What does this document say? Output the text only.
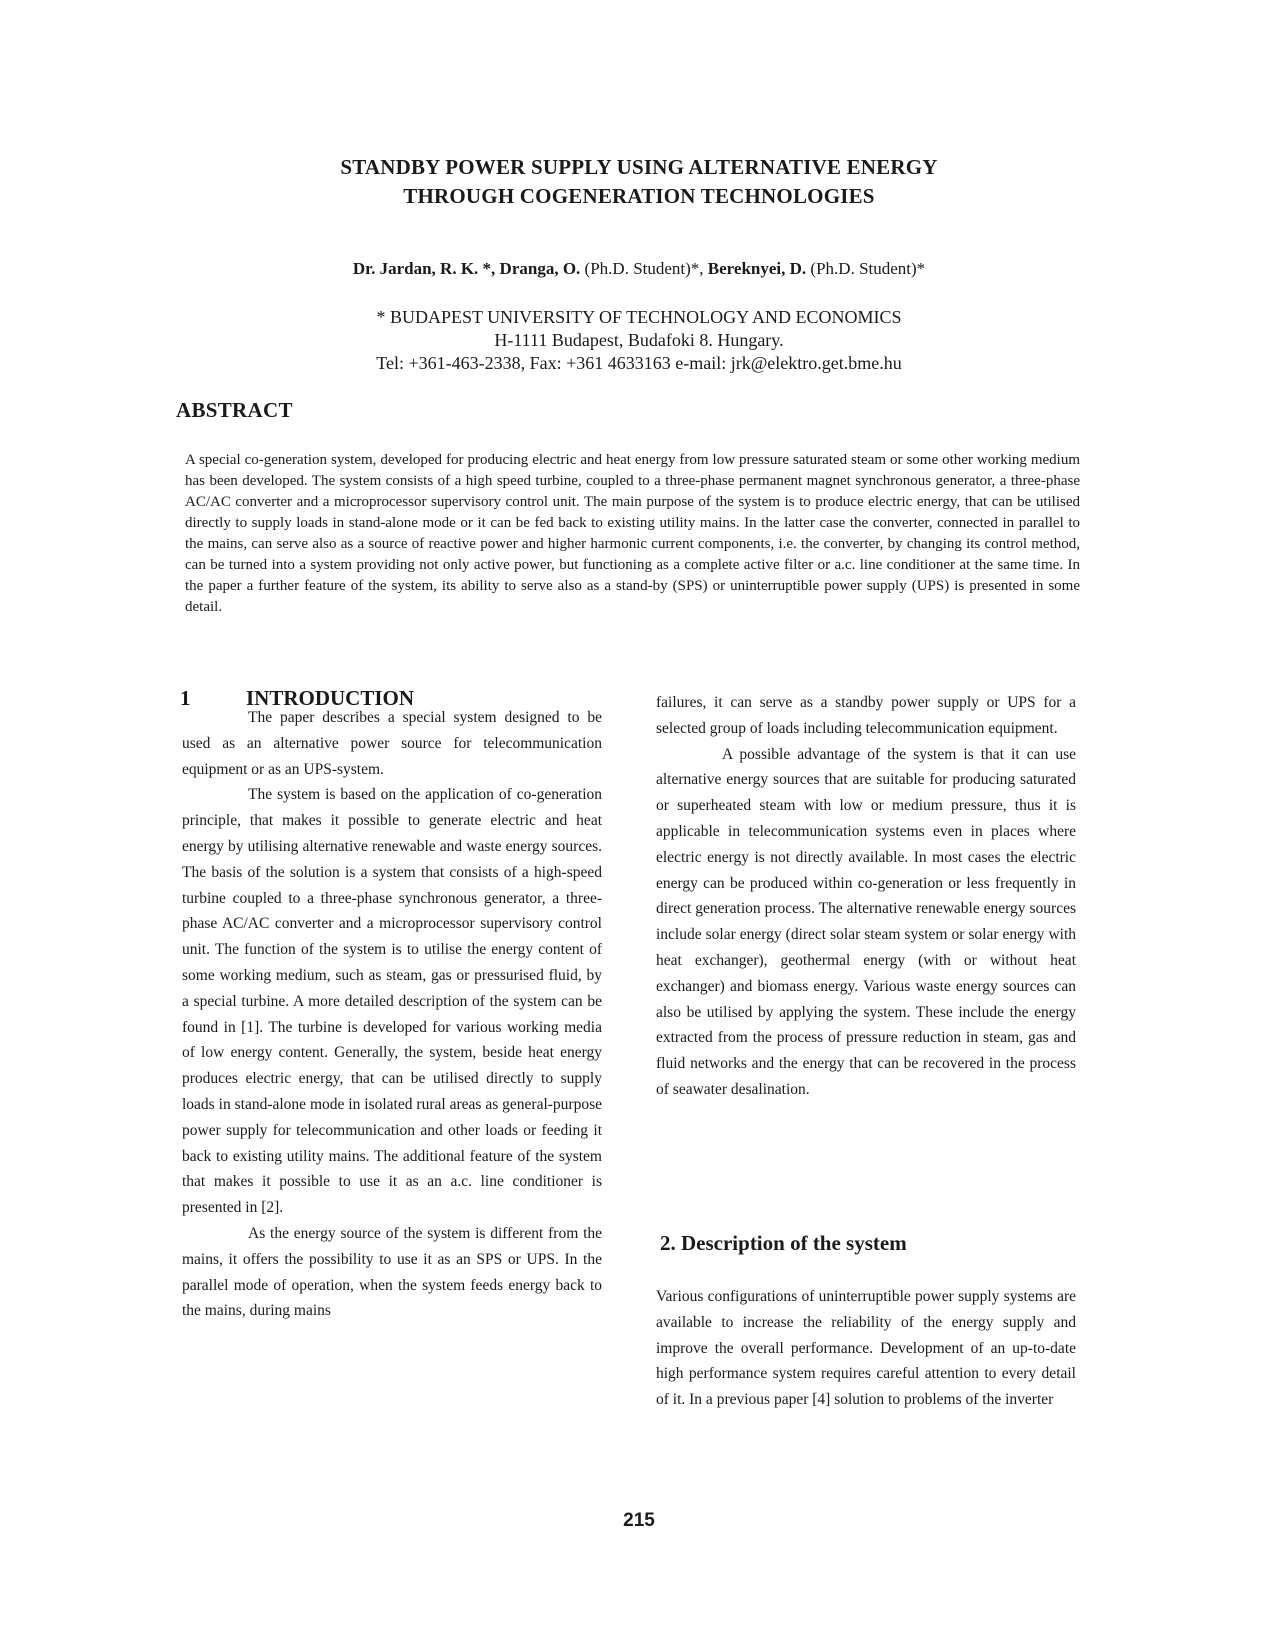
STANDBY POWER SUPPLY USING ALTERNATIVE ENERGY
THROUGH COGENERATION TECHNOLOGIES
Dr. Jardan, R. K. *, Dranga, O. (Ph.D. Student)*, Bereknyei, D. (Ph.D. Student)*
* BUDAPEST UNIVERSITY OF TECHNOLOGY AND ECONOMICS
H-1111 Budapest, Budafoki 8. Hungary.
Tel: +361-463-2338, Fax: +361 4633163 e-mail: jrk@elektro.get.bme.hu
ABSTRACT
A special co-generation system, developed for producing electric and heat energy from low pressure saturated steam or some other working medium has been developed. The system consists of a high speed turbine, coupled to a three-phase permanent magnet synchronous generator, a three-phase AC/AC converter and a microprocessor supervisory control unit. The main purpose of the system is to produce electric energy, that can be utilised directly to supply loads in stand-alone mode or it can be fed back to existing utility mains. In the latter case the converter, connected in parallel to the mains, can serve also as a source of reactive power and higher harmonic current components, i.e. the converter, by changing its control method, can be turned into a system providing not only active power, but functioning as a complete active filter or a.c. line conditioner at the same time. In the paper a further feature of the system, its ability to serve also as a stand-by (SPS) or uninterruptible power supply (UPS) is presented in some detail.
1	INTRODUCTION

The paper describes a special system designed to be used as an alternative power source for telecommunication equipment or as an UPS-system.

The system is based on the application of co-generation principle, that makes it possible to generate electric and heat energy by utilising alternative renewable and waste energy sources. The basis of the solution is a system that consists of a high-speed turbine coupled to a three-phase synchronous generator, a three-phase AC/AC converter and a microprocessor supervisory control unit. The function of the system is to utilise the energy content of some working medium, such as steam, gas or pressurised fluid, by a special turbine. A more detailed description of the system can be found in [1]. The turbine is developed for various working media of low energy content. Generally, the system, beside heat energy produces electric energy, that can be utilised directly to supply loads in stand-alone mode in isolated rural areas as general-purpose power supply for telecommunication and other loads or feeding it back to existing utility mains. The additional feature of the system that makes it possible to use it as an a.c. line conditioner is presented in [2].

As the energy source of the system is different from the mains, it offers the possibility to use it as an SPS or UPS. In the parallel mode of operation, when the system feeds energy back to the mains, during mains

failures, it can serve as a standby power supply or UPS for a selected group of loads including telecommunication equipment.

A possible advantage of the system is that it can use alternative energy sources that are suitable for producing saturated or superheated steam with low or medium pressure, thus it is applicable in telecommunication systems even in places where electric energy is not directly available. In most cases the electric energy can be produced within co-generation or less frequently in direct generation process. The alternative renewable energy sources include solar energy (direct solar steam system or solar energy with heat exchanger), geothermal energy (with or without heat exchanger) and biomass energy. Various waste energy sources can also be utilised by applying the system. These include the energy extracted from the process of pressure reduction in steam, gas and fluid networks and the energy that can be recovered in the process of seawater desalination.

2. Description of the system

Various configurations of uninterruptible power supply systems are available to increase the reliability of the energy supply and improve the overall performance. Development of an up-to-date high performance system requires careful attention to every detail of it. In a previous paper [4] solution to problems of the inverter

215
